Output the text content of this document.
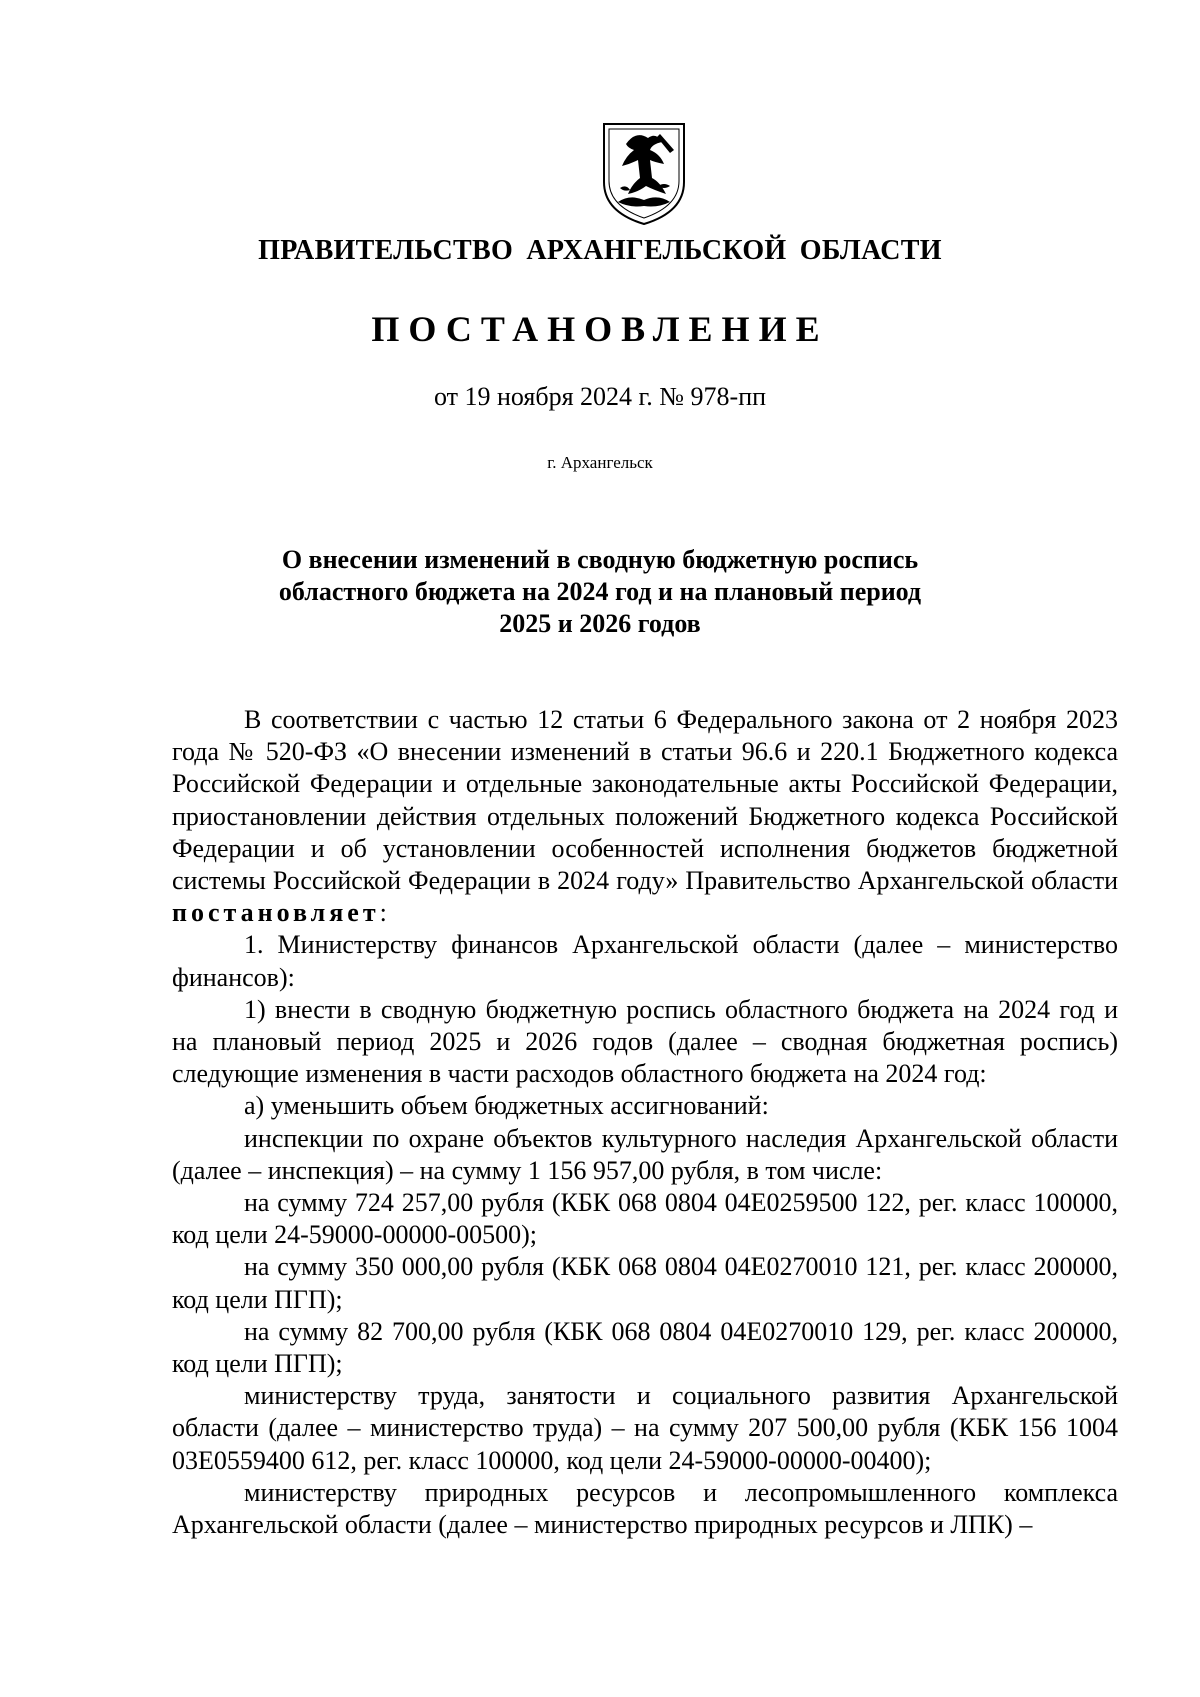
ПРАВИТЕЛЬСТВО АРХАНГЕЛЬСКОЙ ОБЛАСТИ
ПОСТАНОВЛЕНИЕ
от 19 ноября 2024 г. № 978-пп
г. Архангельск
О внесении изменений в сводную бюджетную роспись
областного бюджета на 2024 год и на плановый период
2025 и 2026 годов

В соответствии с частью 12 статьи 6 Федерального закона от 2 ноября 2023 года № 520-ФЗ «О внесении изменений в статьи 96.6 и 220.1 Бюджетного кодекса Российской Федерации и отдельные законодательные акты Российской Федерации, приостановлении действия отдельных положений Бюджетного кодекса Российской Федерации и об установлении особенностей исполнения бюджетов бюджетной системы Российской Федерации в 2024 году» Правительство Архангельской области постановляет:

1. Министерству финансов Архангельской области (далее – министерство финансов):

1) внести в сводную бюджетную роспись областного бюджета на 2024 год и на плановый период 2025 и 2026 годов (далее – сводная бюджетная роспись) следующие изменения в части расходов областного бюджета на 2024 год:

а) уменьшить объем бюджетных ассигнований:

инспекции по охране объектов культурного наследия Архангельской области (далее – инспекция) – на сумму 1 156 957,00 рубля, в том числе:

на сумму 724 257,00 рубля (КБК 068 0804 04Е0259500 122, рег. класс 100000, код цели 24-59000-00000-00500);

на сумму 350 000,00 рубля (КБК 068 0804 04Е0270010 121, рег. класс 200000, код цели ПГП);

на сумму 82 700,00 рубля (КБК 068 0804 04Е0270010 129, рег. класс 200000, код цели ПГП);

министерству труда, занятости и социального развития Архангельской области (далее – министерство труда) – на сумму 207 500,00 рубля (КБК 156 1004 03Е0559400 612, рег. класс 100000, код цели 24-59000-00000-00400);

министерству природных ресурсов и лесопромышленного комплекса Архангельской области (далее – министерство природных ресурсов и ЛПК) –
